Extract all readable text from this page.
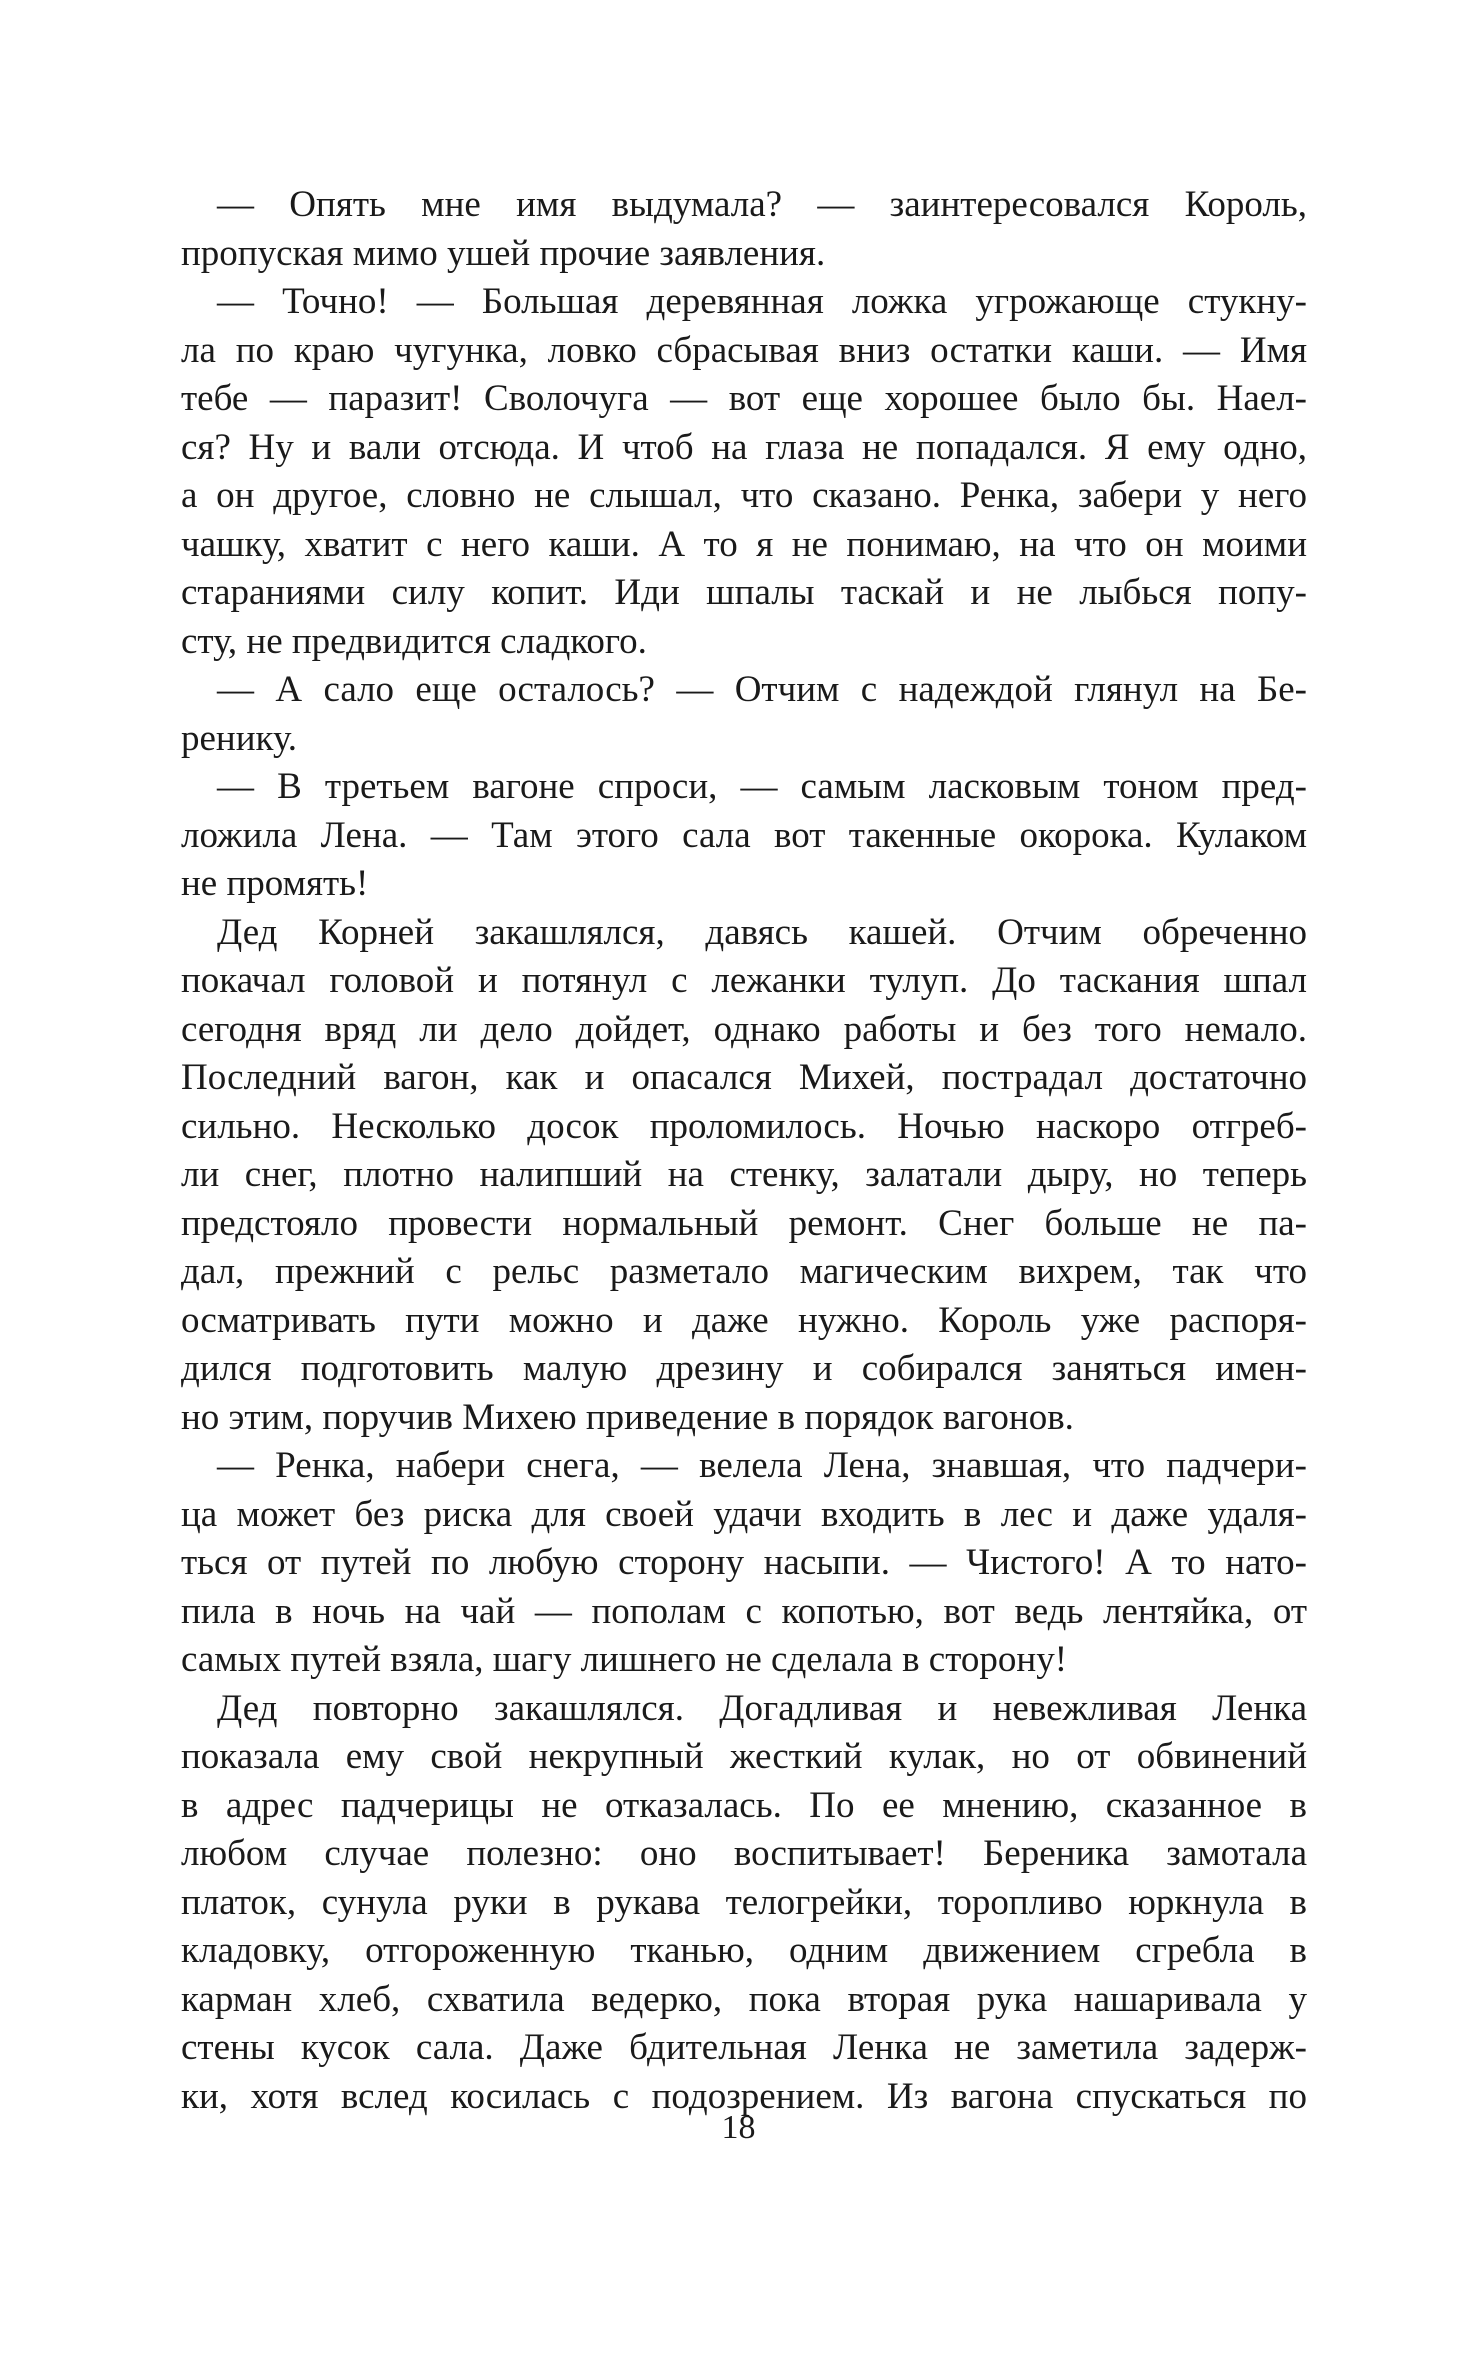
— Опять мне имя выдумала? — заинтересовался Король,
пропуская мимо ушей прочие заявления.
— Точно! — Большая деревянная ложка угрожающе стукну-
ла по краю чугунка, ловко сбрасывая вниз остатки каши. — Имя
тебе — паразит! Сволочуга — вот еще хорошее было бы. Наел-
ся? Ну и вали отсюда. И чтоб на глаза не попадался. Я ему одно,
а он другое, словно не слышал, что сказано. Ренка, забери у него
чашку, хватит с него каши. А то я не понимаю, на что он моими
стараниями силу копит. Иди шпалы таскай и не лыбься попу-
сту, не предвидится сладкого.
— А сало еще осталось? — Отчим с надеждой глянул на Бе-
ренику.
— В третьем вагоне спроси, — самым ласковым тоном пред-
ложила Лена. — Там этого сала вот такенные окорока. Кулаком
не промять!
Дед Корней закашлялся, давясь кашей. Отчим обреченно
покачал головой и потянул с лежанки тулуп. До таскания шпал
сегодня вряд ли дело дойдет, однако работы и без того немало.
Последний вагон, как и опасался Михей, пострадал достаточно
сильно. Несколько досок проломилось. Ночью наскоро отгреб-
ли снег, плотно налипший на стенку, залатали дыру, но теперь
предстояло провести нормальный ремонт. Снег больше не па-
дал, прежний с рельс разметало магическим вихрем, так что
осматривать пути можно и даже нужно. Король уже распоря-
дился подготовить малую дрезину и собирался заняться имен-
но этим, поручив Михею приведение в порядок вагонов.
— Ренка, набери снега, — велела Лена, знавшая, что падчери-
ца может без риска для своей удачи входить в лес и даже удаля-
ться от путей по любую сторону насыпи. — Чистого! А то нато-
пила в ночь на чай — пополам с копотью, вот ведь лентяйка, от
самых путей взяла, шагу лишнего не сделала в сторону!
Дед повторно закашлялся. Догадливая и невежливая Ленка
показала ему свой некрупный жесткий кулак, но от обвинений
в адрес падчерицы не отказалась. По ее мнению, сказанное в
любом случае полезно: оно воспитывает! Береника замотала
платок, сунула руки в рукава телогрейки, торопливо юркнула в
кладовку, отгороженную тканью, одним движением сгребла в
карман хлеб, схватила ведерко, пока вторая рука нашаривала у
стены кусок сала. Даже бдительная Ленка не заметила задерж-
ки, хотя вслед косилась с подозрением. Из вагона спускаться по
18
